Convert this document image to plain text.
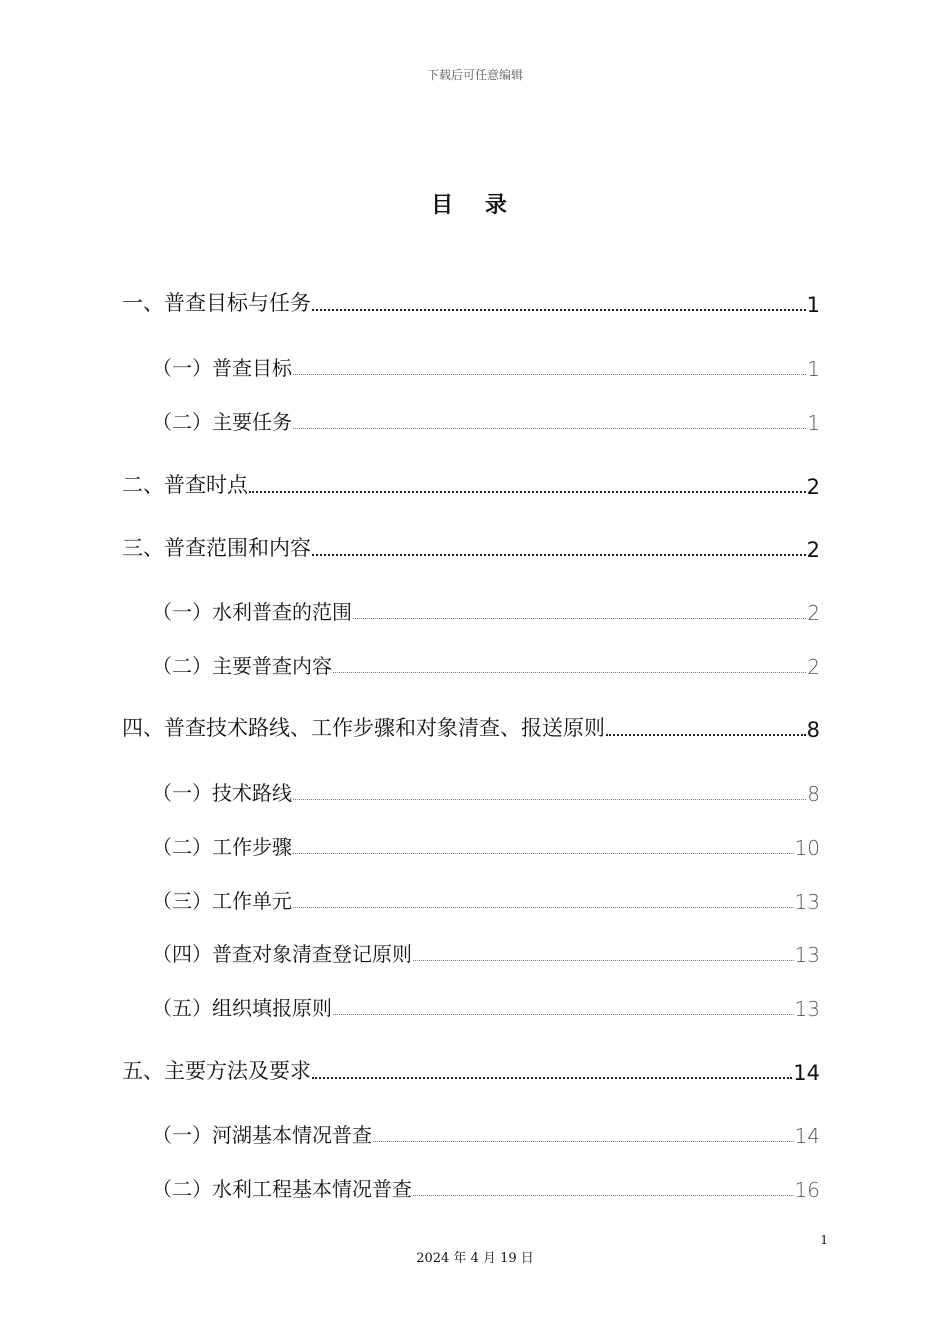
下载后可任意编辑
目 录
一、普查目标与任务	1
（一）普查目标	1
（二）主要任务	1
二、普查时点	2
三、普查范围和内容	2
（一）水利普查的范围	2
（二）主要普查内容	2
四、普查技术路线、工作步骤和对象清查、报送原则	8
（一）技术路线	8
（二）工作步骤	10
（三）工作单元	13
（四）普查对象清查登记原则	13
（五）组织填报原则	13
五、主要方法及要求	14
（一）河湖基本情况普查	14
（二）水利工程基本情况普查	16
1
2024 年 4 月 19 日
